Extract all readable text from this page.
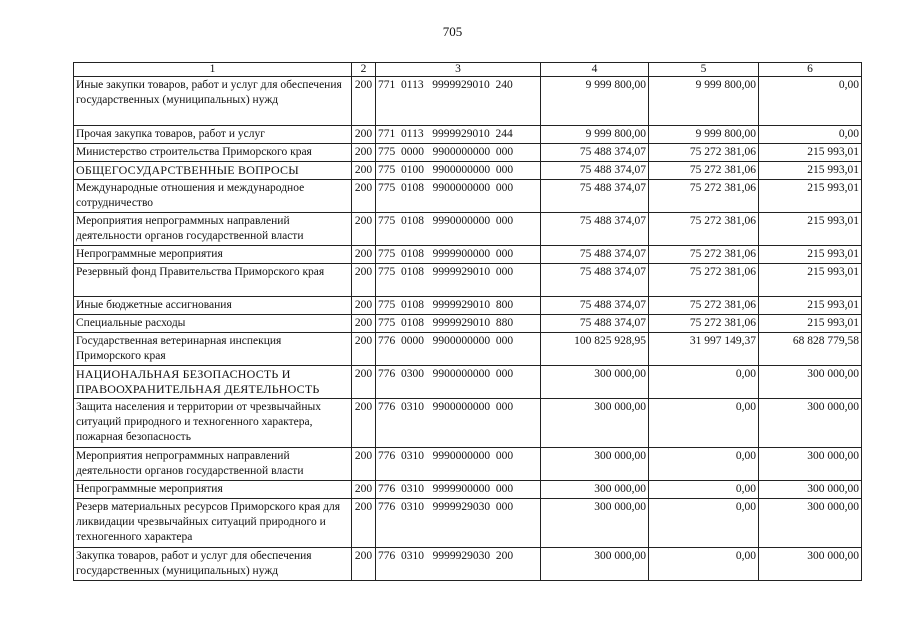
705
1	2	3	4	5	6
Иные закупки товаров, работ и услуг для обеспечения государственных (муниципальных) нужд	200	771  0113   9999929010  240	9 999 800,00	9 999 800,00	0,00
Прочая закупка товаров, работ и услуг	200	771  0113   9999929010  244	9 999 800,00	9 999 800,00	0,00
Министерство строительства Приморского края	200	775  0000   9900000000  000	75 488 374,07	75 272 381,06	215 993,01
ОБЩЕГОСУДАРСТВЕННЫЕ ВОПРОСЫ	200	775  0100   9900000000  000	75 488 374,07	75 272 381,06	215 993,01
Международные отношения и международное сотрудничество	200	775  0108   9900000000  000	75 488 374,07	75 272 381,06	215 993,01
Мероприятия непрограммных направлений деятельности органов государственной власти	200	775  0108   9990000000  000	75 488 374,07	75 272 381,06	215 993,01
Непрограммные мероприятия	200	775  0108   9999900000  000	75 488 374,07	75 272 381,06	215 993,01
Резервный фонд Правительства Приморского края	200	775  0108   9999929010  000	75 488 374,07	75 272 381,06	215 993,01
Иные бюджетные ассигнования	200	775  0108   9999929010  800	75 488 374,07	75 272 381,06	215 993,01
Специальные расходы	200	775  0108   9999929010  880	75 488 374,07	75 272 381,06	215 993,01
Государственная ветеринарная инспекция Приморского края	200	776  0000   9900000000  000	100 825 928,95	31 997 149,37	68 828 779,58
НАЦИОНАЛЬНАЯ БЕЗОПАСНОСТЬ И ПРАВООХРАНИТЕЛЬНАЯ ДЕЯТЕЛЬНОСТЬ	200	776  0300   9900000000  000	300 000,00	0,00	300 000,00
Защита населения и территории от чрезвычайных ситуаций природного и техногенного характера, пожарная безопасность	200	776  0310   9900000000  000	300 000,00	0,00	300 000,00
Мероприятия непрограммных направлений деятельности органов государственной власти	200	776  0310   9990000000  000	300 000,00	0,00	300 000,00
Непрограммные мероприятия	200	776  0310   9999900000  000	300 000,00	0,00	300 000,00
Резерв материальных ресурсов Приморского края для ликвидации чрезвычайных ситуаций природного и техногенного характера	200	776  0310   9999929030  000	300 000,00	0,00	300 000,00
Закупка товаров, работ и услуг для обеспечения государственных (муниципальных) нужд	200	776  0310   9999929030  200	300 000,00	0,00	300 000,00
